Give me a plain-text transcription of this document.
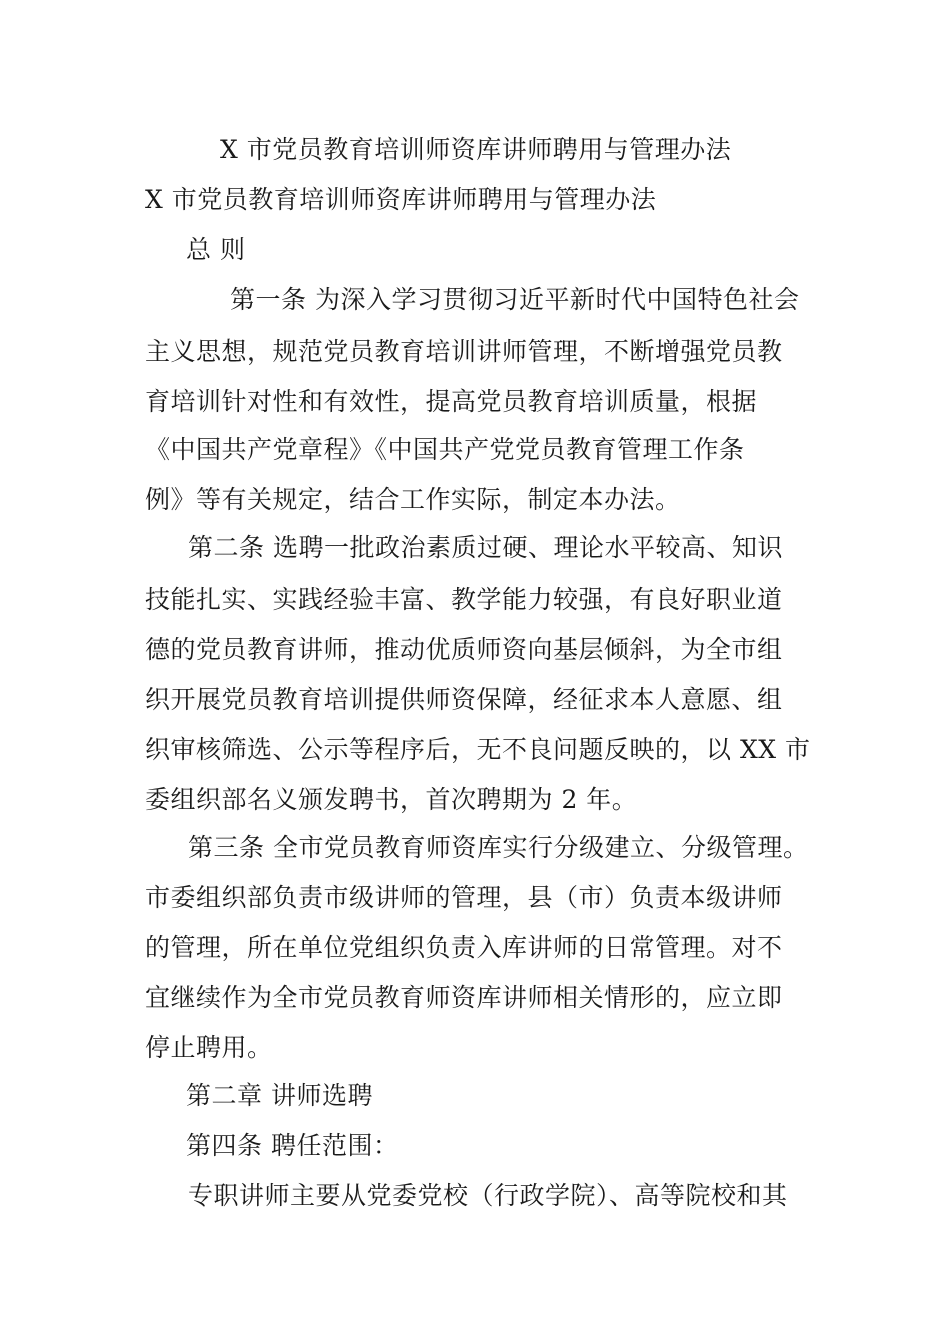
X 市党员教育培训师资库讲师聘用与管理办法
X 市党员教育培训师资库讲师聘用与管理办法
总 则
第一条 为深入学习贯彻习近平新时代中国特色社会
主义思想，规范党员教育培训讲师管理，不断增强党员教
育培训针对性和有效性，提高党员教育培训质量，根据
《中国共产党章程》《中国共产党党员教育管理工作条
例》等有关规定，结合工作实际，制定本办法。
第二条 选聘一批政治素质过硬、理论水平较高、知识
技能扎实、实践经验丰富、教学能力较强，有良好职业道
德的党员教育讲师，推动优质师资向基层倾斜，为全市组
织开展党员教育培训提供师资保障，经征求本人意愿、组
织审核筛选、公示等程序后，无不良问题反映的，以 XX 市
委组织部名义颁发聘书，首次聘期为 2 年。
第三条 全市党员教育师资库实行分级建立、分级管理。
市委组织部负责市级讲师的管理，县（市）负责本级讲师
的管理，所在单位党组织负责入库讲师的日常管理。对不
宜继续作为全市党员教育师资库讲师相关情形的，应立即
停止聘用。
第二章 讲师选聘
第四条 聘任范围：
专职讲师主要从党委党校（行政学院）、高等院校和其
